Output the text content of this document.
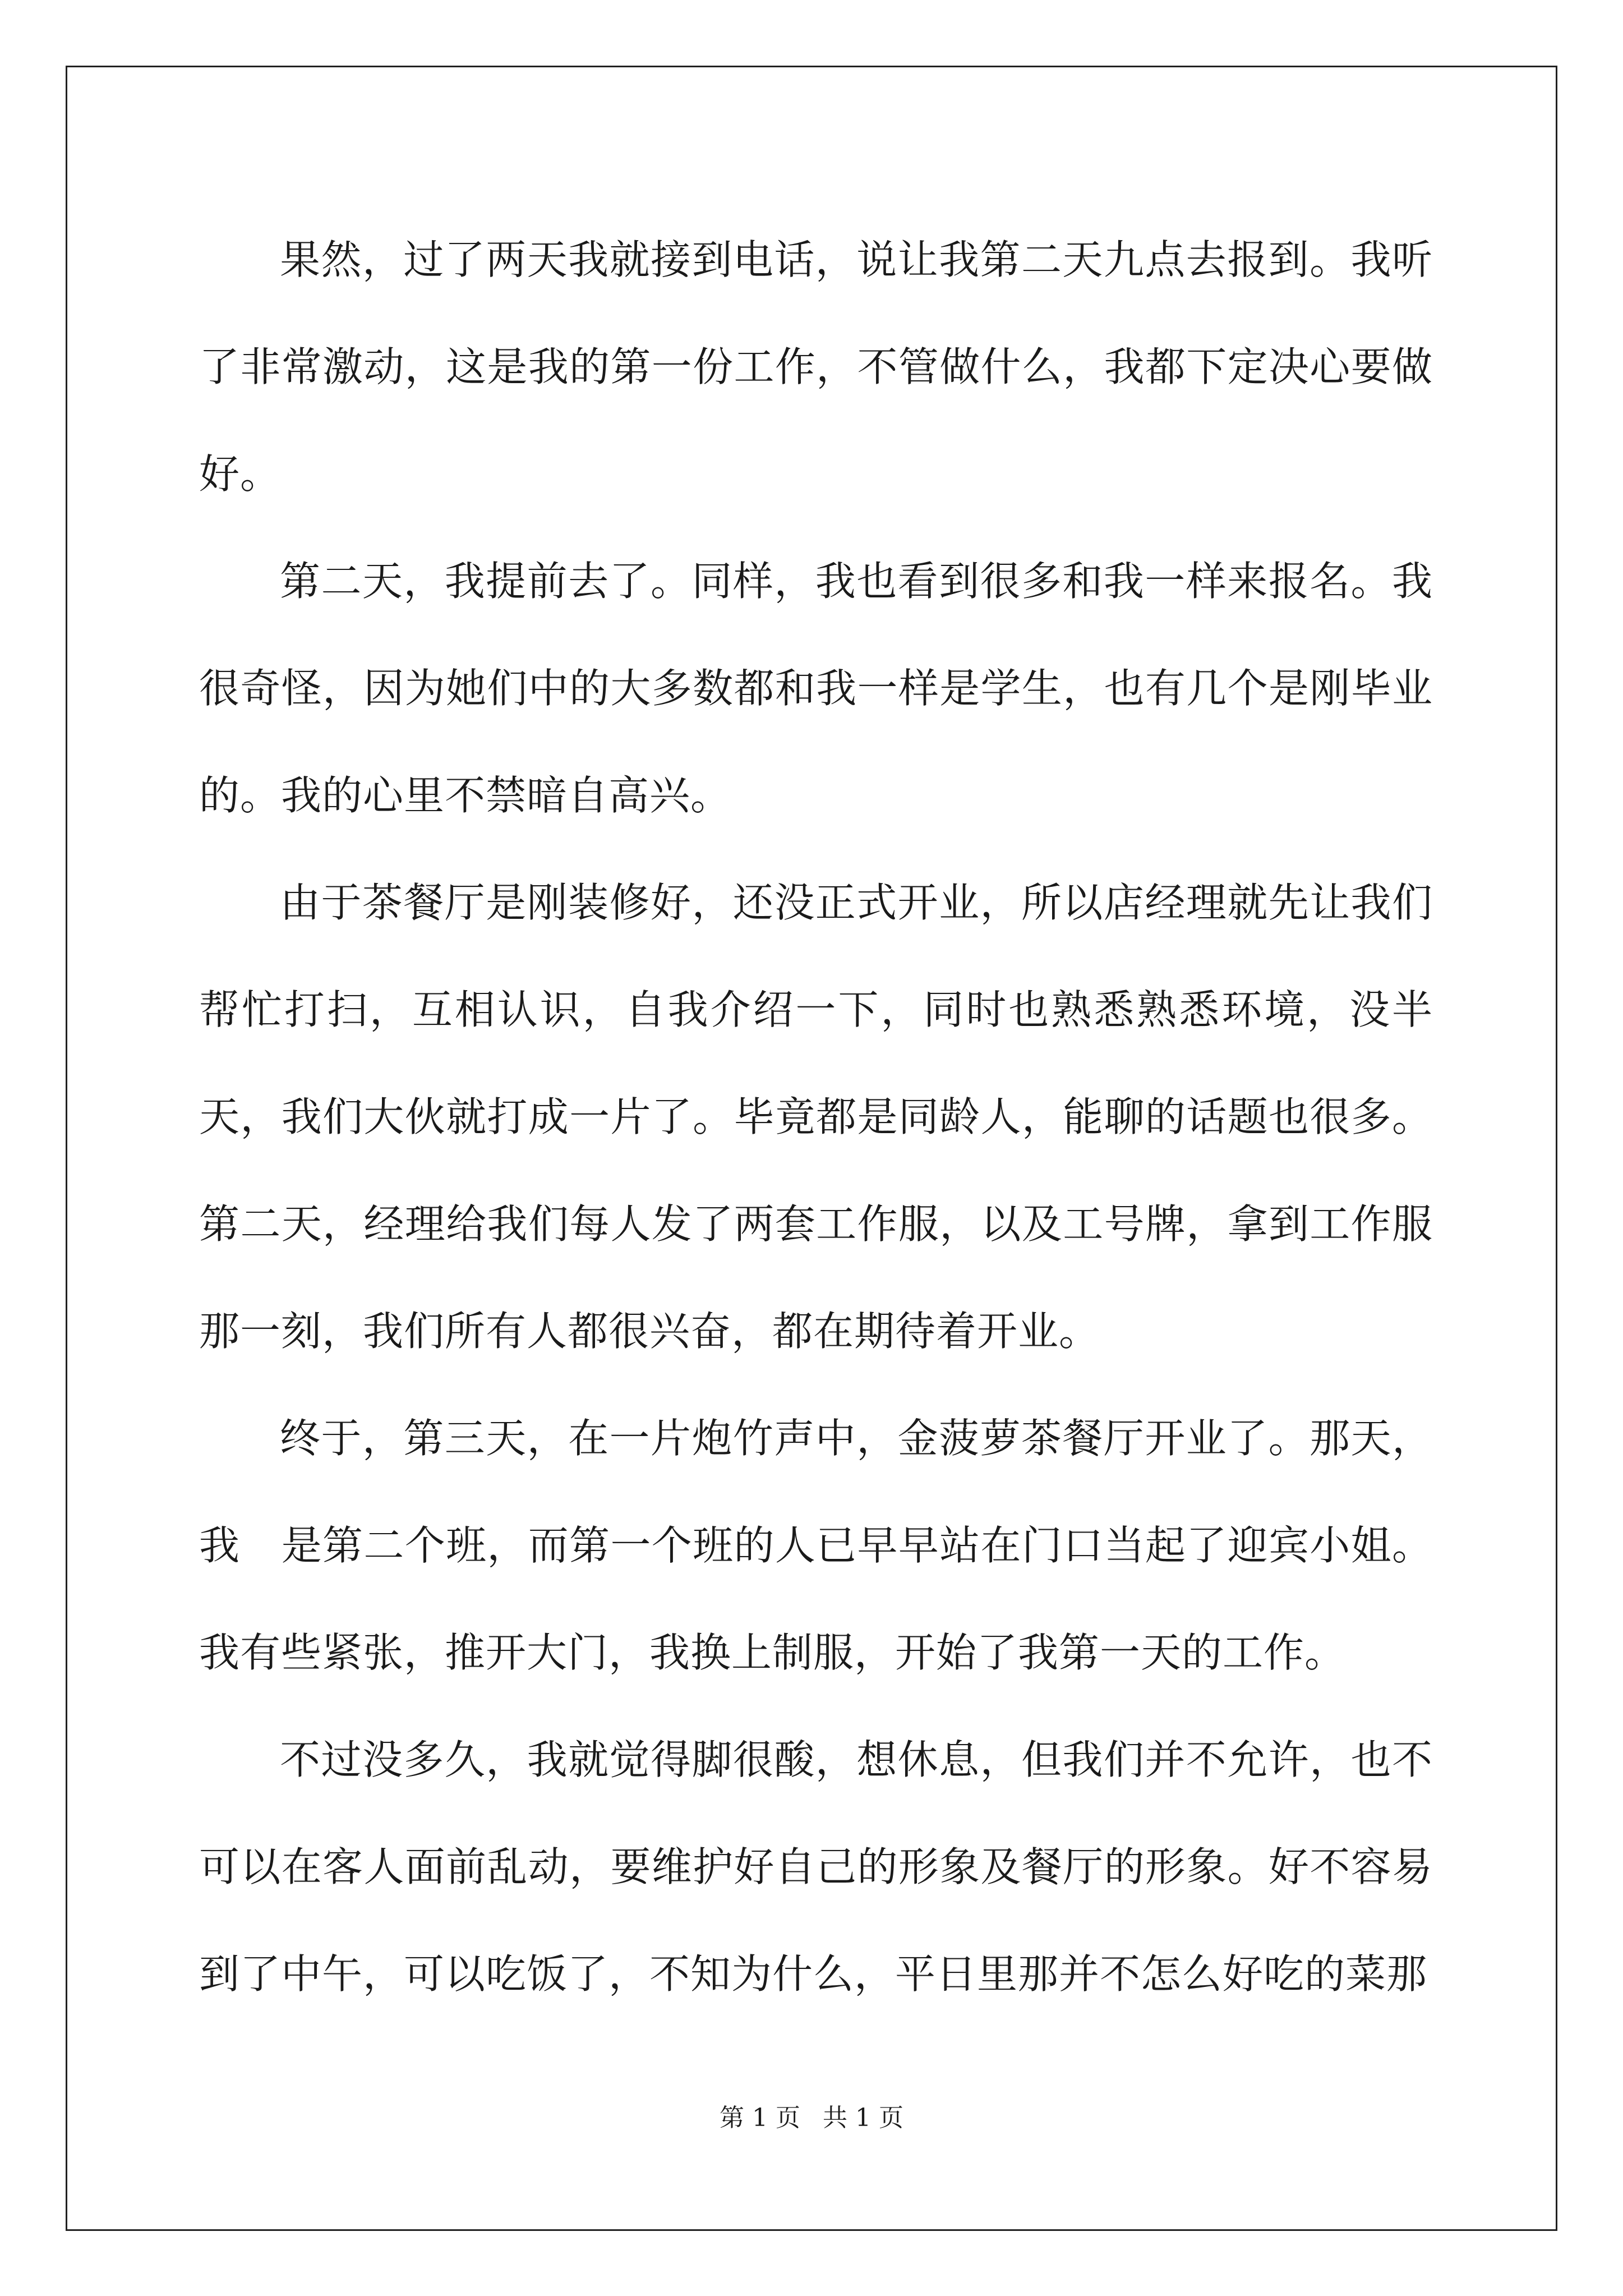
果然，过了两天我就接到电话，说让我第二天九点去报到。我听了非常激动，这是我的第一份工作，不管做什么，我都下定决心要做好。

第二天，我提前去了。同样，我也看到很多和我一样来报名。我很奇怪，因为她们中的大多数都和我一样是学生，也有几个是刚毕业的。我的心里不禁暗自高兴。

由于茶餐厅是刚装修好，还没正式开业，所以店经理就先让我们帮忙打扫，互相认识，自我介绍一下，同时也熟悉熟悉环境，没半天，我们大伙就打成一片了。毕竟都是同龄人，能聊的话题也很多。第二天，经理给我们每人发了两套工作服，以及工号牌，拿到工作服那一刻，我们所有人都很兴奋，都在期待着开业。

终于，第三天，在一片炮竹声中，金菠萝茶餐厅开业了。那天，我　是第二个班，而第一个班的人已早早站在门口当起了迎宾小姐。我有些紧张，推开大门，我换上制服，开始了我第一天的工作。

不过没多久，我就觉得脚很酸，想休息，但我们并不允许，也不可以在客人面前乱动，要维护好自己的形象及餐厅的形象。好不容易到了中午，可以吃饭了，不知为什么，平日里那并不怎么好吃的菜那

第 1 页 共 1 页
